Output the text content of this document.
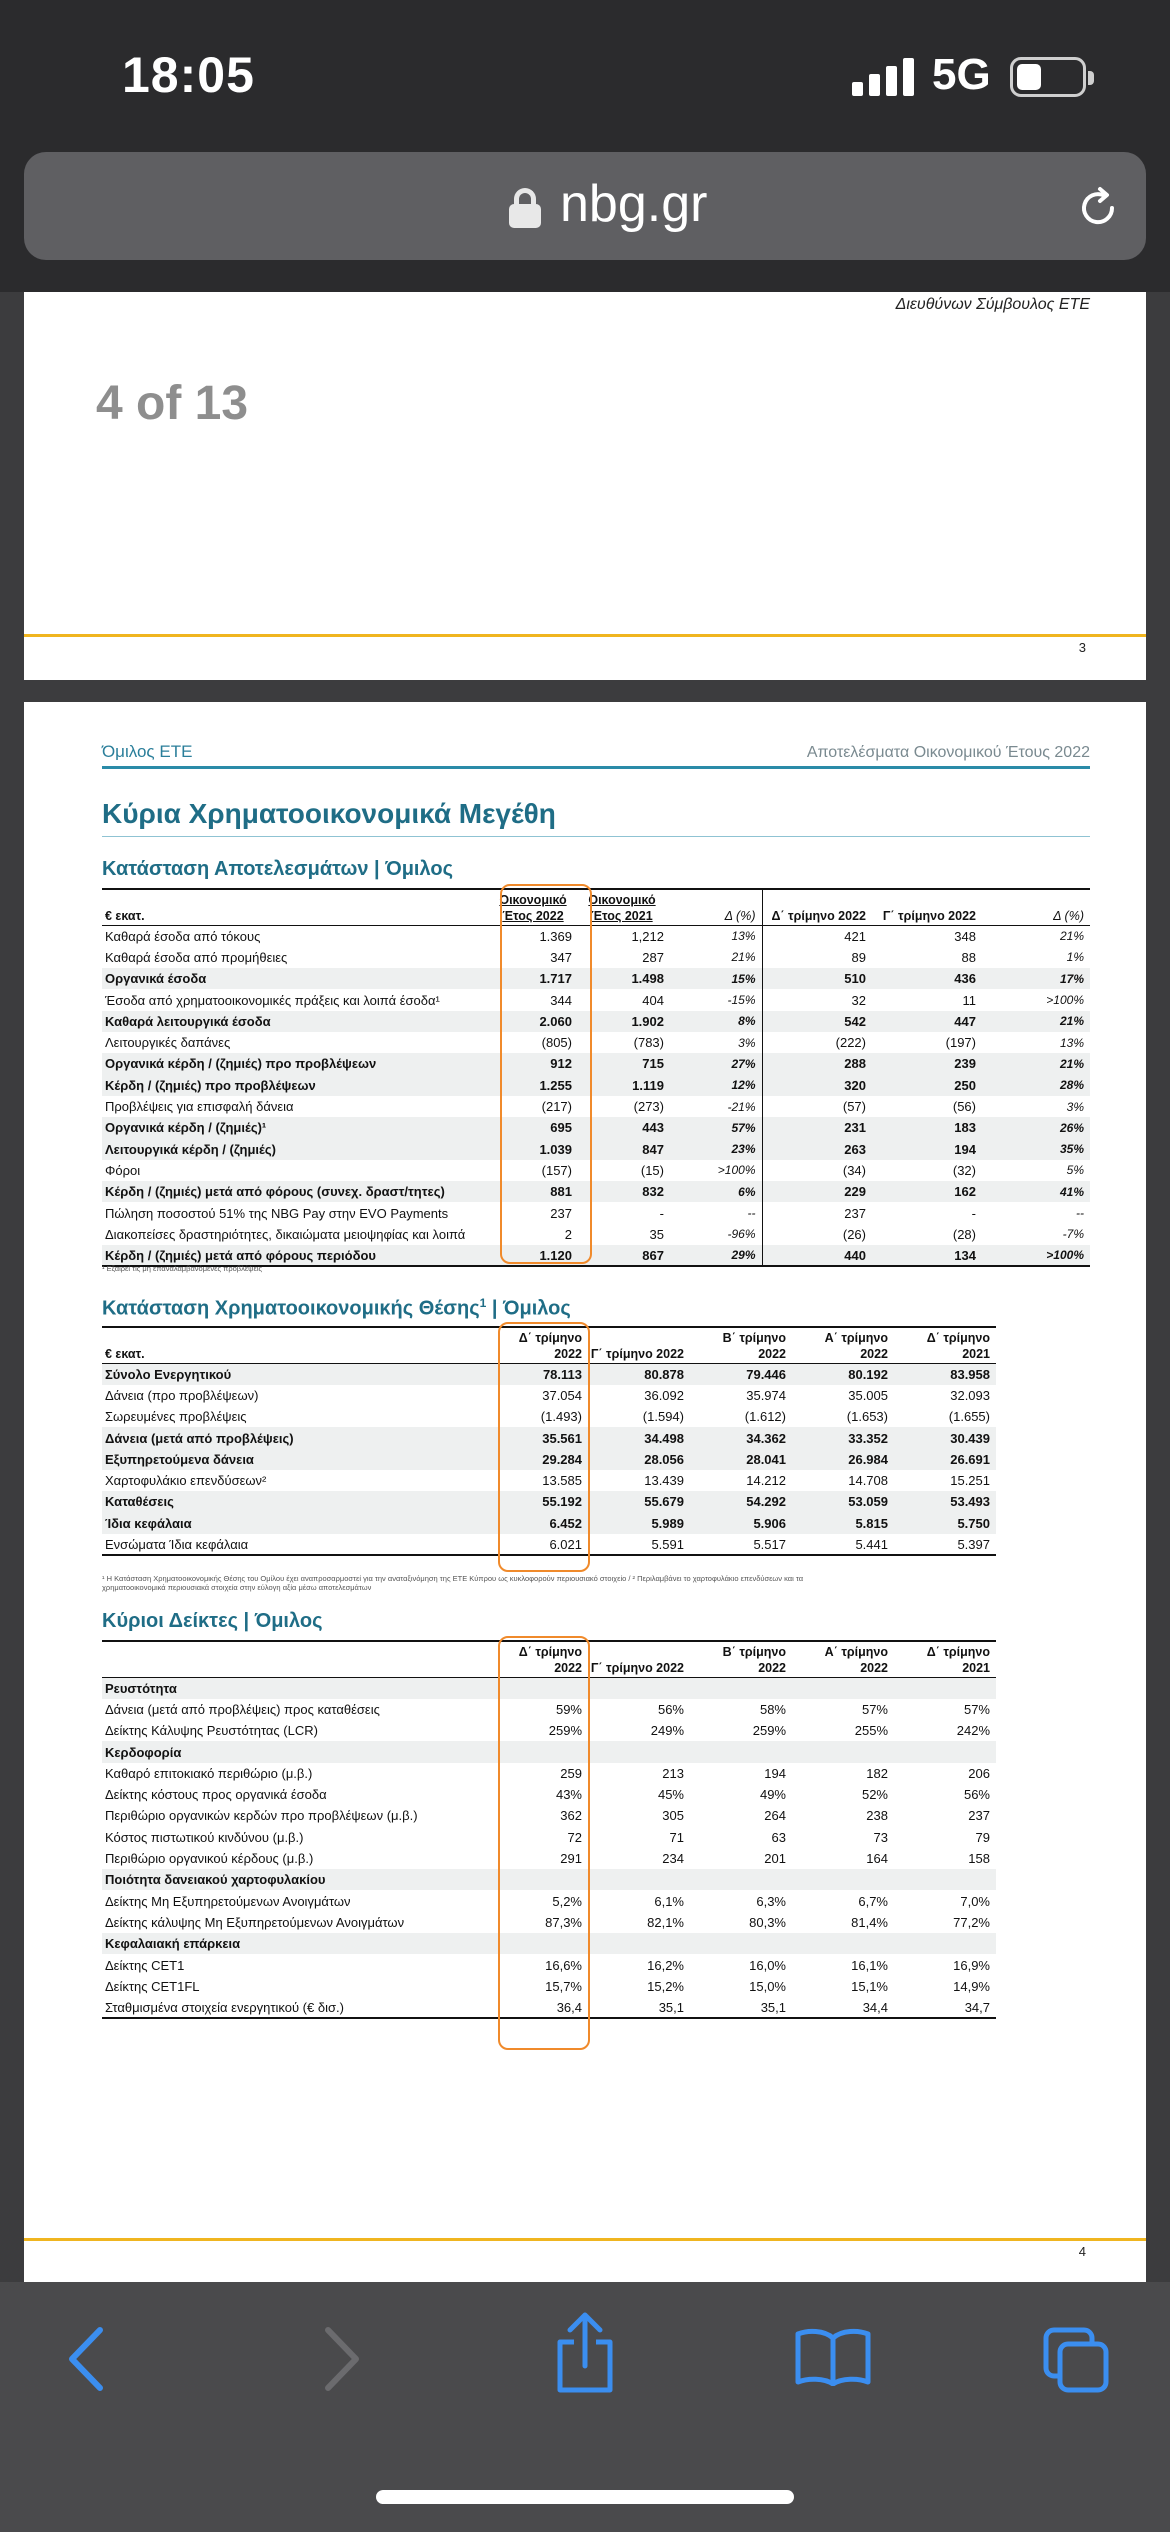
18:05	5G
nbg.gr
Διευθύνων Σύμβουλος ΕΤΕ
4 of 13
3
Όμιλος ΕΤΕ	Αποτελέσματα Οικονομικού Έτους 2022
Κύρια Χρηματοοικονομικά Μεγέθη
Κατάσταση Αποτελεσμάτων | Όμιλος
€ εκατ.	Οικονομικό Έτος 2022	Οικονομικό Έτος 2021	Δ (%)	Δ΄ τρίμηνο 2022	Γ΄ τρίμηνο 2022	Δ (%)
Καθαρά έσοδα από τόκους	1.369	1,212	13%	421	348	21%
Καθαρά έσοδα από προμήθειες	347	287	21%	89	88	1%
Οργανικά έσοδα	1.717	1.498	15%	510	436	17%
Έσοδα από χρηματοοικονομικές πράξεις και λοιπά έσοδα¹	344	404	-15%	32	11	>100%
Καθαρά λειτουργικά έσοδα	2.060	1.902	8%	542	447	21%
Λειτουργικές δαπάνες	(805)	(783)	3%	(222)	(197)	13%
Οργανικά κέρδη / (ζημιές) προ προβλέψεων	912	715	27%	288	239	21%
Κέρδη / (ζημιές) προ προβλέψεων	1.255	1.119	12%	320	250	28%
Προβλέψεις για επισφαλή δάνεια	(217)	(273)	-21%	(57)	(56)	3%
Οργανικά κέρδη / (ζημιές)¹	695	443	57%	231	183	26%
Λειτουργικά κέρδη / (ζημιές)	1.039	847	23%	263	194	35%
Φόροι	(157)	(15)	>100%	(34)	(32)	5%
Κέρδη / (ζημιές) μετά από φόρους (συνεχ. δραστ/τητες)	881	832	6%	229	162	41%
Πώληση ποσοστού 51% της NBG Pay στην EVO Payments	237	-	--	237	-	--
Διακοπείσες δραστηριότητες, δικαιώματα μειοψηφίας και λοιπά	2	35	-96%	(26)	(28)	-7%
Κέρδη / (ζημιές) μετά από φόρους περιόδου	1.120	867	29%	440	134	>100%
¹ Εξαιρεί τις μη επαναλαμβανόμενες προβλέψεις
Κατάσταση Χρηματοοικονομικής Θέσης$^1$ | Όμιλος
€ εκατ.	Δ΄ τρίμηνο 2022	Γ΄ τρίμηνο 2022	Β΄ τρίμηνο 2022	Α΄ τρίμηνο 2022	Δ΄ τρίμηνο 2021
Σύνολο Ενεργητικού	78.113	80.878	79.446	80.192	83.958
Δάνεια (προ προβλέψεων)	37.054	36.092	35.974	35.005	32.093
Σωρευμένες προβλέψεις	(1.493)	(1.594)	(1.612)	(1.653)	(1.655)
Δάνεια (μετά από προβλέψεις)	35.561	34.498	34.362	33.352	30.439
Εξυπηρετούμενα δάνεια	29.284	28.056	28.041	26.984	26.691
Χαρτοφυλάκιο επενδύσεων²	13.585	13.439	14.212	14.708	15.251
Καταθέσεις	55.192	55.679	54.292	53.059	53.493
Ίδια κεφάλαια	6.452	5.989	5.906	5.815	5.750
Ενσώματα Ίδια κεφάλαια	6.021	5.591	5.517	5.441	5.397
¹ Η Κατάσταση Χρηματοοικονομικής Θέσης του Ομίλου έχει αναπροσαρμοστεί για την αναταξινόμηση της ΕΤΕ Κύπρου ως κυκλοφορούν περιουσιακό στοιχείο / ² Περιλαμβάνει το χαρτοφυλάκιο επενδύσεων και τα
χρηματοοικονομικά περιουσιακά στοιχεία στην εύλογη αξία μέσω αποτελεσμάτων
Κύριοι Δείκτες | Όμιλος
	Δ΄ τρίμηνο 2022	Γ΄ τρίμηνο 2022	Β΄ τρίμηνο 2022	Α΄ τρίμηνο 2022	Δ΄ τρίμηνο 2021
Ρευστότητα					
Δάνεια (μετά από προβλέψεις) προς καταθέσεις	59%	56%	58%	57%	57%
Δείκτης Κάλυψης Ρευστότητας (LCR)	259%	249%	259%	255%	242%
Κερδοφορία					
Καθαρό επιτοκιακό περιθώριο (μ.β.)	259	213	194	182	206
Δείκτης κόστους προς οργανικά έσοδα	43%	45%	49%	52%	56%
Περιθώριο οργανικών κερδών προ προβλέψεων (μ.β.)	362	305	264	238	237
Κόστος πιστωτικού κινδύνου (μ.β.)	72	71	63	73	79
Περιθώριο οργανικού κέρδους (μ.β.)	291	234	201	164	158
Ποιότητα δανειακού χαρτοφυλακίου					
Δείκτης Μη Εξυπηρετούμενων Ανοιγμάτων	5,2%	6,1%	6,3%	6,7%	7,0%
Δείκτης κάλυψης Μη Εξυπηρετούμενων Ανοιγμάτων	87,3%	82,1%	80,3%	81,4%	77,2%
Κεφαλαιακή επάρκεια					
Δείκτης CET1	16,6%	16,2%	16,0%	16,1%	16,9%
Δείκτης CET1FL	15,7%	15,2%	15,0%	15,1%	14,9%
Σταθμισμένα στοιχεία ενεργητικού (€ δισ.)	36,4	35,1	35,1	34,4	34,7
4
